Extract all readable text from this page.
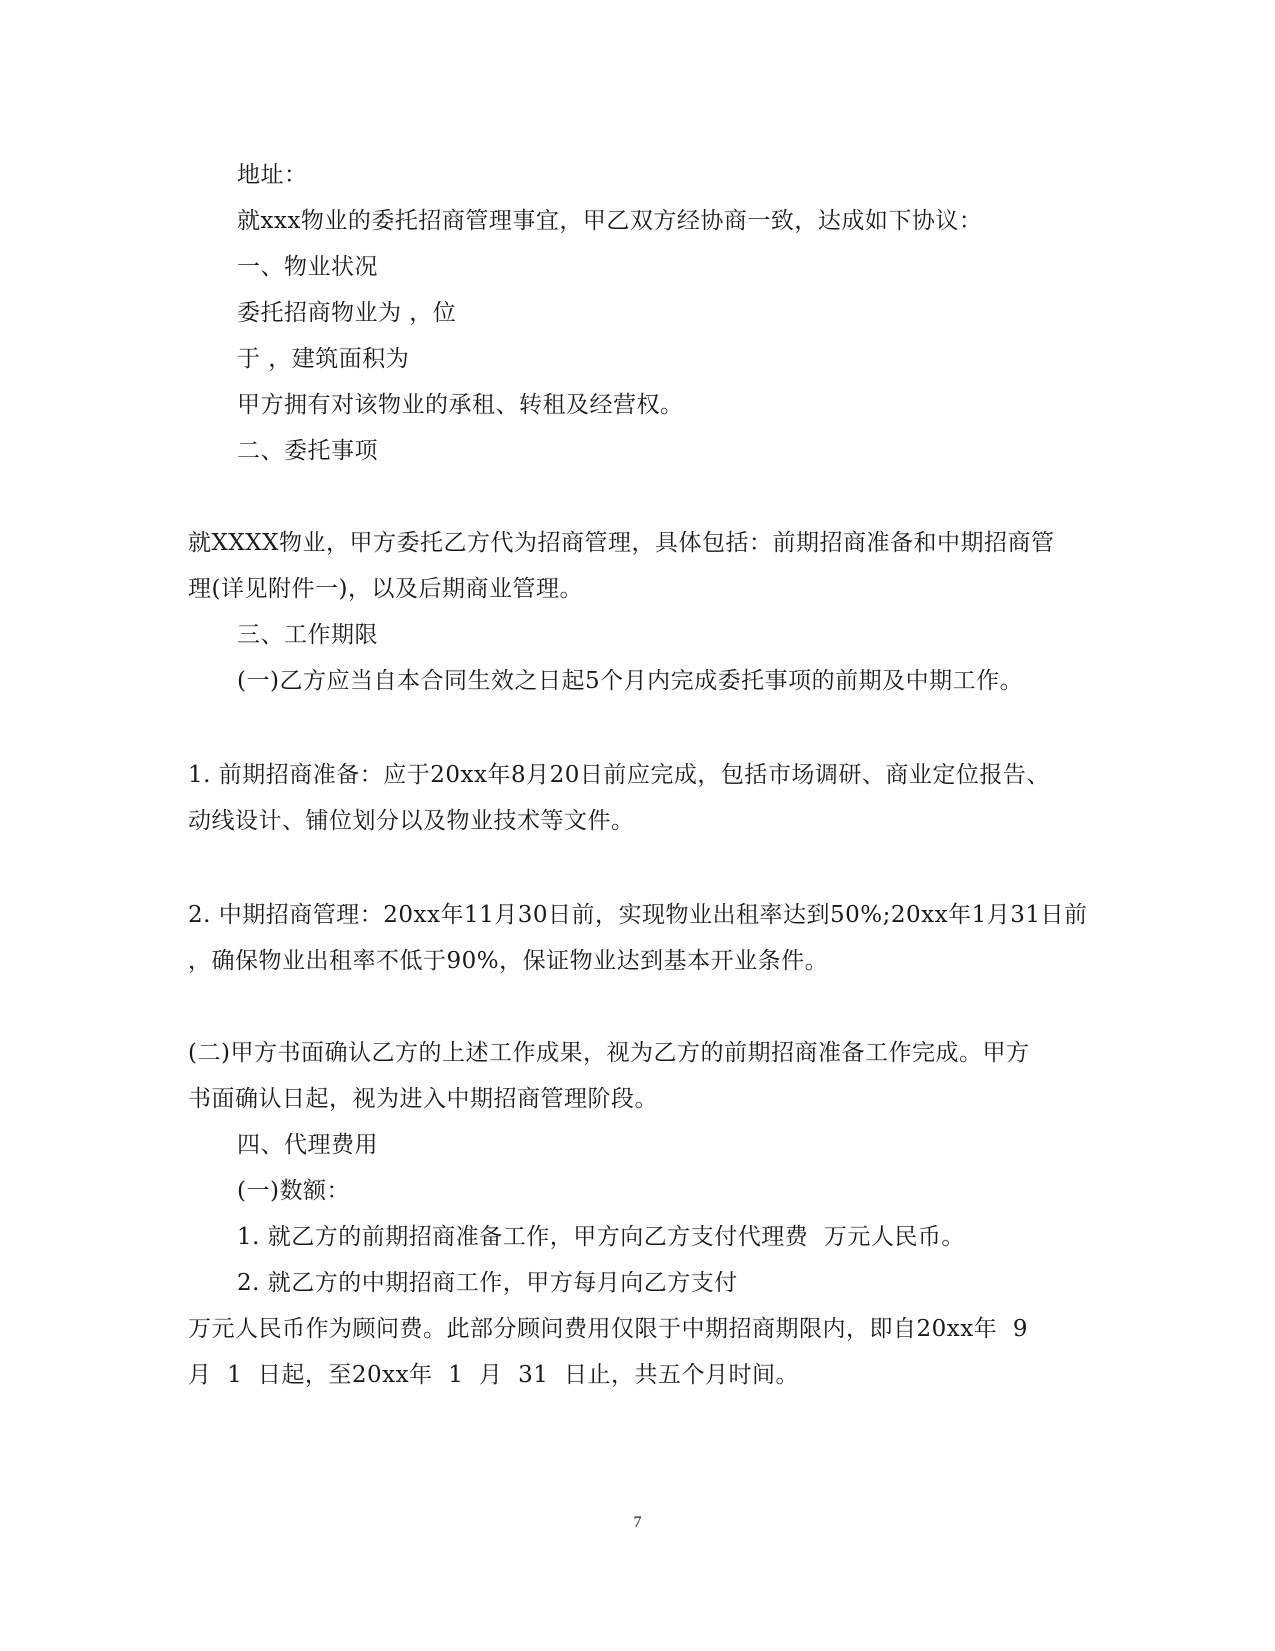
地址：
就xxx物业的委托招商管理事宜，甲乙双方经协商一致，达成如下协议：
一、物业状况
委托招商物业为 ，位
于 ，建筑面积为
甲方拥有对该物业的承租、转租及经营权。
二、委托事项
就XXXX物业，甲方委托乙方代为招商管理，具体包括：前期招商准备和中期招商管
理(详见附件一)，以及后期商业管理。
三、工作期限
(一)乙方应当自本合同生效之日起5个月内完成委托事项的前期及中期工作。
1. 前期招商准备：应于20xx年8月20日前应完成，包括市场调研、商业定位报告、
动线设计、铺位划分以及物业技术等文件。
2. 中期招商管理：20xx年11月30日前，实现物业出租率达到50%;20xx年1月31日前
，确保物业出租率不低于90%，保证物业达到基本开业条件。
(二)甲方书面确认乙方的上述工作成果，视为乙方的前期招商准备工作完成。甲方
书面确认日起，视为进入中期招商管理阶段。
四、代理费用
(一)数额：
1. 就乙方的前期招商准备工作，甲方向乙方支付代理费  万元人民币。
2. 就乙方的中期招商工作，甲方每月向乙方支付
万元人民币作为顾问费。此部分顾问费用仅限于中期招商期限内，即自20xx年  9
月  1  日起，至20xx年  1  月  31  日止，共五个月时间。
7
